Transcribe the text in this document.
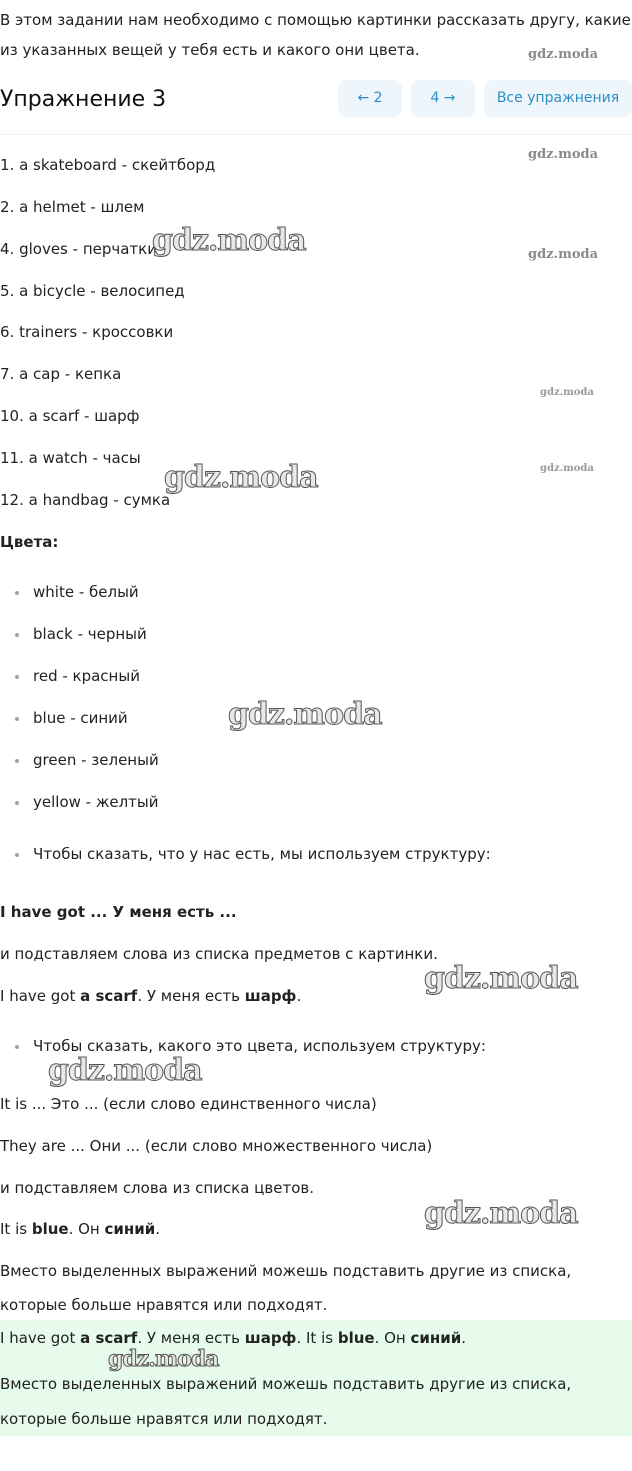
В этом задании нам необходимо с помощью картинки рассказать другу, какие
из указанных вещей у тебя есть и какого они цвета.	gdz.moda
Упражнение 3	← 2	4 →	Все упражнения
1. a skateboard - скейтборд
2. a helmet - шлем
4. gloves - перчатки
5. a bicycle - велосипед
6. trainers - кроссовки
7. a cap - кепка
10. a scarf - шарф
11. a watch - часы
12. a handbag - сумка
gdz.moda
gdz.moda
gdz.moda
gdz.moda
gdz.moda
gdz.moda
Цвета:
white - белый
black - черный
red - красный
blue - синий
green - зеленый
yellow - желтый
gdz.moda
Чтобы сказать, что у нас есть, мы используем структуру:
I have got ... У меня есть ...
и подставляем слова из списка предметов с картинки.
I have got a scarf. У меня есть шарф.	gdz.moda
Чтобы сказать, какого это цвета, используем структуру:
gdz.moda
It is ... Это ... (если слово единственного числа)
They are ... Они ... (если слово множественного числа)
и подставляем слова из списка цветов.
It is blue. Он синий.	gdz.moda
Вместо выделенных выражений можешь подставить другие из списка,
которые больше нравятся или подходят.
I have got a scarf. У меня есть шарф. It is blue. Он синий.
gdz.moda
Вместо выделенных выражений можешь подставить другие из списка,
которые больше нравятся или подходят.
